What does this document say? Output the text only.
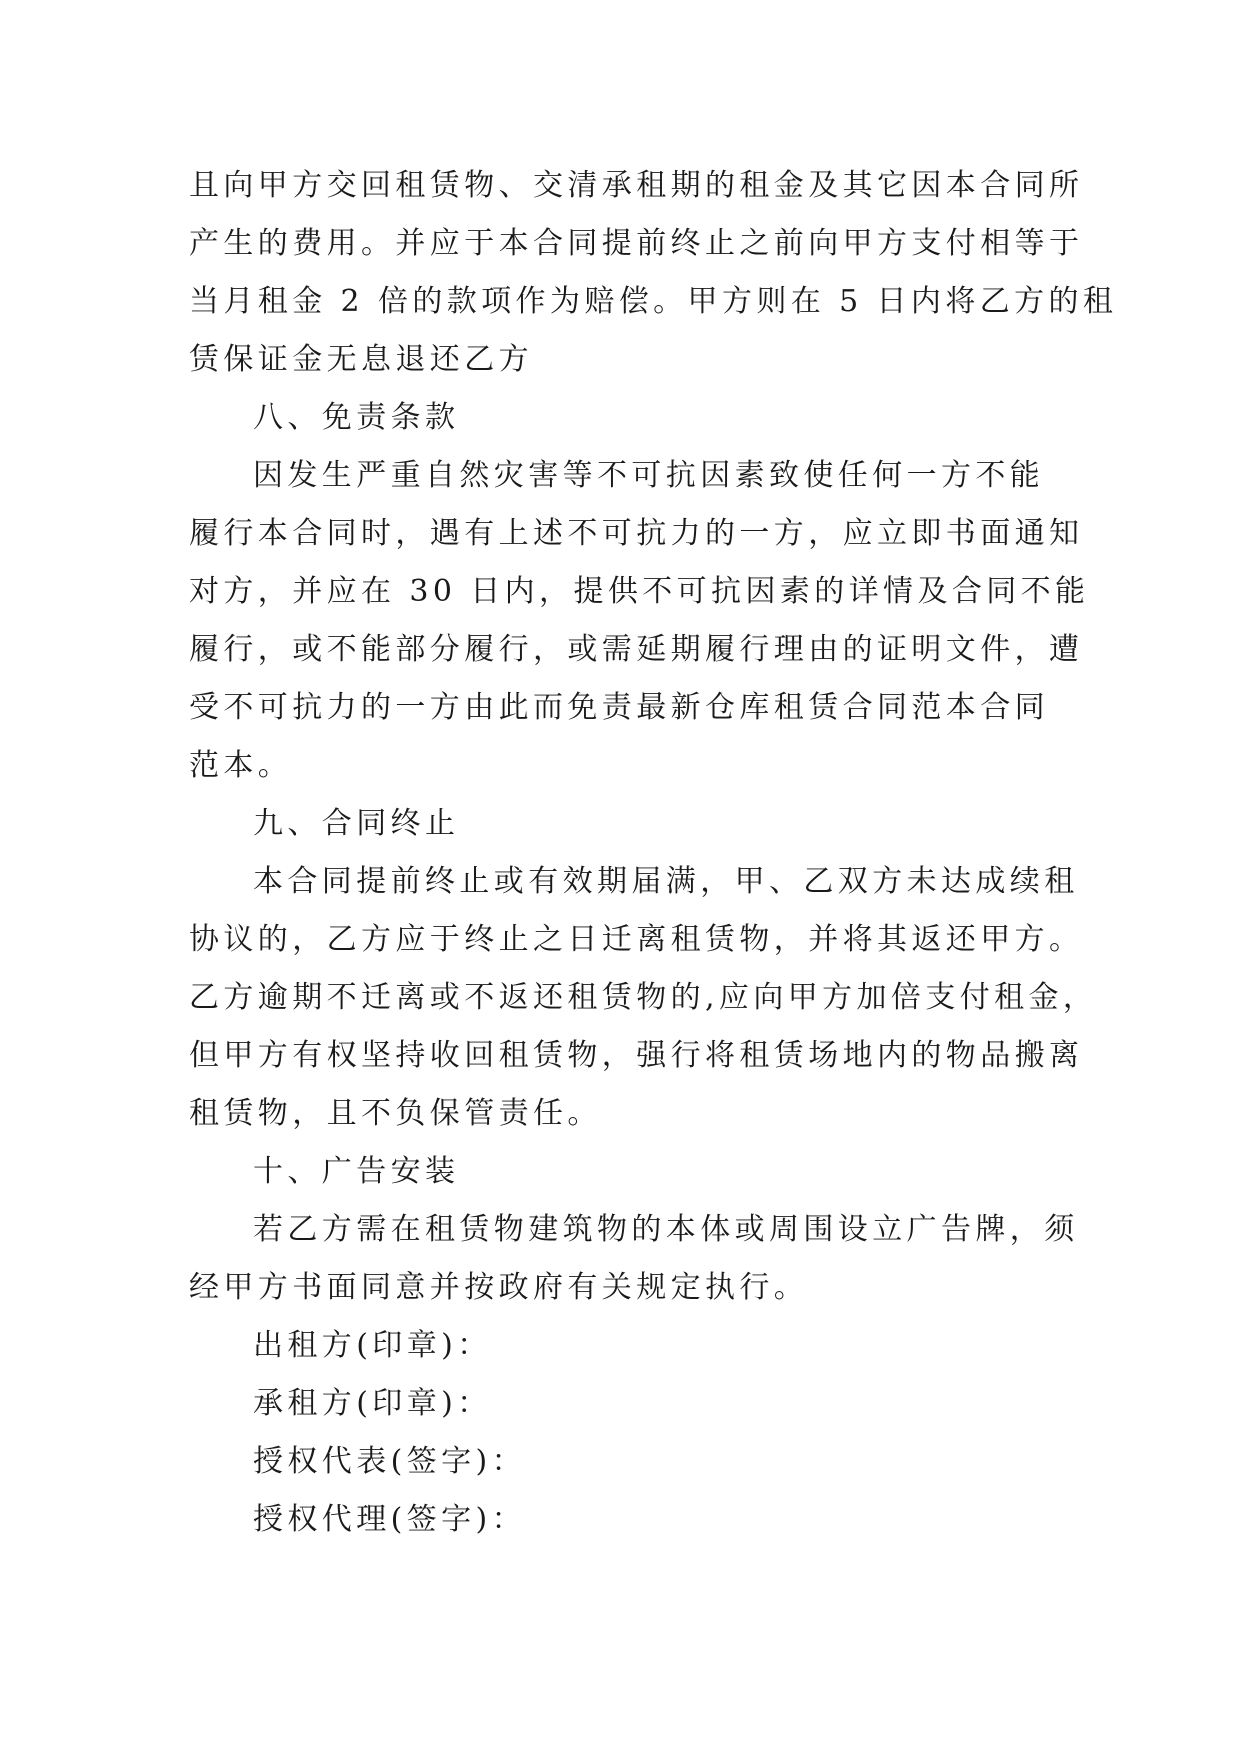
且向甲方交回租赁物、交清承租期的租金及其它因本合同所
产生的费用。并应于本合同提前终止之前向甲方支付相等于
当月租金 2 倍的款项作为赔偿。甲方则在 5 日内将乙方的租
赁保证金无息退还乙方
八、免责条款
因发生严重自然灾害等不可抗因素致使任何一方不能
履行本合同时，遇有上述不可抗力的一方，应立即书面通知
对方，并应在 30 日内，提供不可抗因素的详情及合同不能
履行，或不能部分履行，或需延期履行理由的证明文件，遭
受不可抗力的一方由此而免责最新仓库租赁合同范本合同
范本。
九、合同终止
本合同提前终止或有效期届满，甲、乙双方未达成续租
协议的，乙方应于终止之日迁离租赁物，并将其返还甲方。
乙方逾期不迁离或不返还租赁物的,应向甲方加倍支付租金，
但甲方有权坚持收回租赁物，强行将租赁场地内的物品搬离
租赁物，且不负保管责任。
十、广告安装
若乙方需在租赁物建筑物的本体或周围设立广告牌，须
经甲方书面同意并按政府有关规定执行。
出租方(印章)：
承租方(印章)：
授权代表(签字)：
授权代理(签字)：
